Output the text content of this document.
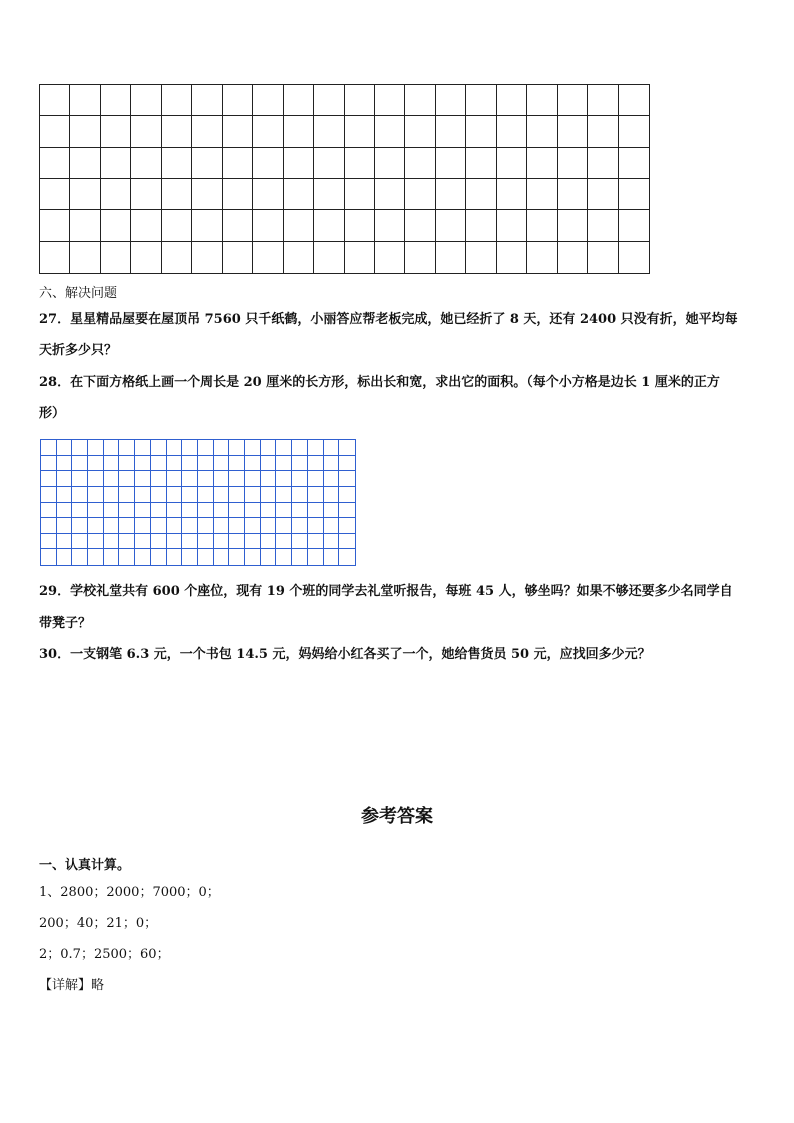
六、解决问题
27．星星精品屋要在屋顶吊 7560 只千纸鹤，小丽答应帮老板完成，她已经折了 8 天，还有 2400 只没有折，她平均每
天折多少只？
28．在下面方格纸上画一个周长是 20 厘米的长方形，标出长和宽，求出它的面积。（每个小方格是边长 1 厘米的正方
形）
29．学校礼堂共有 600 个座位，现有 19 个班的同学去礼堂听报告，每班 45 人，够坐吗？如果不够还要多少名同学自
带凳子？
30．一支钢笔 6.3 元，一个书包 14.5 元，妈妈给小红各买了一个，她给售货员 50 元，应找回多少元？
参考答案
一、认真计算。
1、2800；2000；7000；0；
200；40；21；0；
2；0.7；2500；60；
【详解】略
